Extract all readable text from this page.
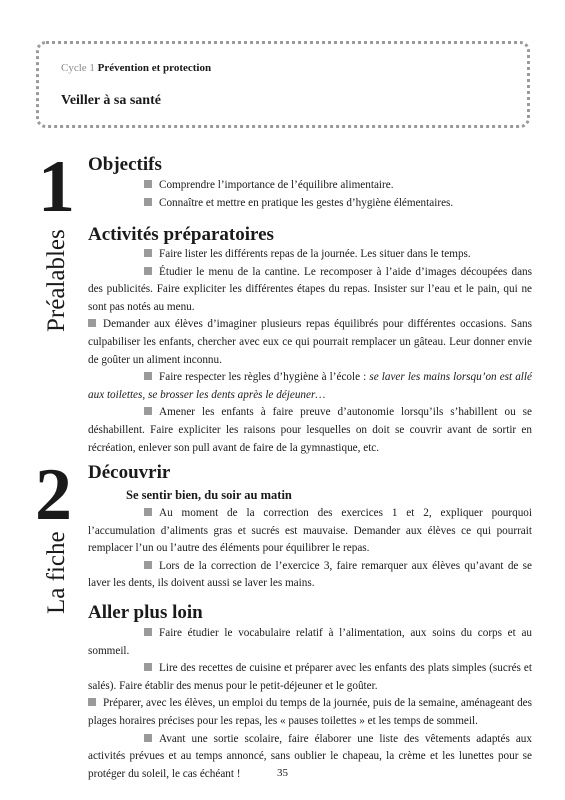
Cycle 1 Prévention et protection
Veiller à sa santé
1
Préalables
Objectifs
Comprendre l’importance de l’équilibre alimentaire.
Connaître et mettre en pratique les gestes d’hygiène élémentaires.
Activités préparatoires
Faire lister les différents repas de la journée. Les situer dans le temps.
Étudier le menu de la cantine. Le recomposer à l’aide d’images découpées dans des publicités. Faire expliciter les différentes étapes du repas. Insister sur l’eau et le pain, qui ne sont pas notés au menu.
Demander aux élèves d’imaginer plusieurs repas équilibrés pour différentes occasions. Sans culpabiliser les enfants, chercher avec eux ce qui pourrait remplacer un gâteau. Leur donner envie de goûter un aliment inconnu.
Faire respecter les règles d’hygiène à l’école : se laver les mains lorsqu’on est allé aux toilettes, se brosser les dents après le déjeuner…
Amener les enfants à faire preuve d’autonomie lorsqu’ils s’habillent ou se déshabillent. Faire expliciter les raisons pour lesquelles on doit se couvrir avant de sortir en récréation, enlever son pull avant de faire de la gymnastique, etc.
2
La fiche
Découvrir
Se sentir bien, du soir au matin
Au moment de la correction des exercices 1 et 2, expliquer pourquoi l’accumulation d’aliments gras et sucrés est mauvaise. Demander aux élèves ce qui pourrait remplacer l’un ou l’autre des éléments pour équilibrer le repas.
Lors de la correction de l’exercice 3, faire remarquer aux élèves qu’avant de se laver les dents, ils doivent aussi se laver les mains.
Aller plus loin
Faire étudier le vocabulaire relatif à l’alimentation, aux soins du corps et au sommeil.
Lire des recettes de cuisine et préparer avec les enfants des plats simples (sucrés et salés). Faire établir des menus pour le petit-déjeuner et le goûter.
Préparer, avec les élèves, un emploi du temps de la journée, puis de la semaine, aménageant des plages horaires précises pour les repas, les « pauses toilettes » et les temps de sommeil.
Avant une sortie scolaire, faire élaborer une liste des vêtements adaptés aux activités prévues et au temps annoncé, sans oublier le chapeau, la crème et les lunettes pour se protéger du soleil, le cas échéant !	35
